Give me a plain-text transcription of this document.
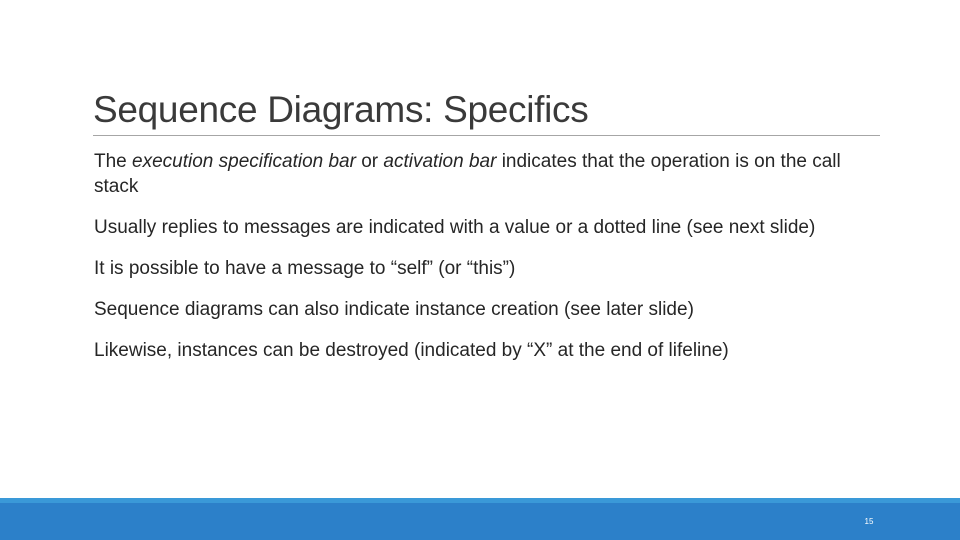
Sequence Diagrams: Specifics
The execution specification bar or activation bar indicates that the operation is on the call stack
Usually replies to messages are indicated with a value or a dotted line (see next slide)
It is possible to have a message to “self” (or “this”)
Sequence diagrams can also indicate instance creation (see later slide)
Likewise, instances can be destroyed (indicated by “X” at the end of lifeline)
15
